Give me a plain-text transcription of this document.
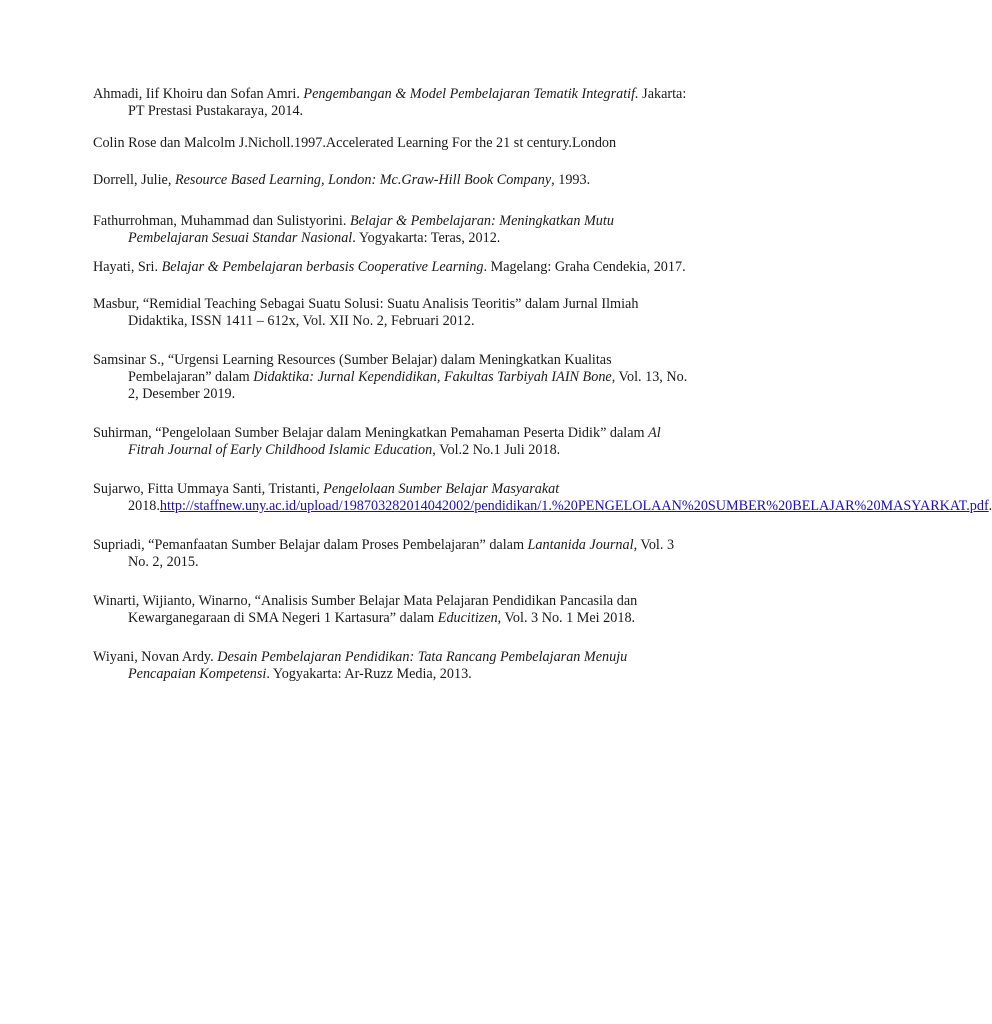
Ahmadi, Iif Khoiru dan Sofan Amri. Pengembangan & Model Pembelajaran Tematik Integratif. Jakarta: PT Prestasi Pustakaraya, 2014.

Colin Rose dan Malcolm J.Nicholl.1997.Accelerated Learning For the 21 st century.London

Dorrell, Julie, Resource Based Learning, London: Mc.Graw-Hill Book Company, 1993.

Fathurrohman, Muhammad dan Sulistyorini. Belajar & Pembelajaran: Meningkatkan Mutu Pembelajaran Sesuai Standar Nasional. Yogyakarta: Teras, 2012.

Hayati, Sri. Belajar & Pembelajaran berbasis Cooperative Learning. Magelang: Graha Cendekia, 2017.

Masbur, “Remidial Teaching Sebagai Suatu Solusi: Suatu Analisis Teoritis” dalam Jurnal Ilmiah Didaktika, ISSN 1411 – 612x, Vol. XII No. 2, Februari 2012.

Samsinar S., “Urgensi Learning Resources (Sumber Belajar) dalam Meningkatkan Kualitas Pembelajaran” dalam Didaktika: Jurnal Kependidikan, Fakultas Tarbiyah IAIN Bone, Vol. 13, No. 2, Desember 2019.

Suhirman, “Pengelolaan Sumber Belajar dalam Meningkatkan Pemahaman Peserta Didik” dalam Al Fitrah Journal of Early Childhood Islamic Education, Vol.2 No.1 Juli 2018.

Sujarwo, Fitta Ummaya Santi, Tristanti, Pengelolaan Sumber Belajar Masyarakat 2018.http://staffnew.uny.ac.id/upload/198703282014042002/pendidikan/1.%20PENGELOLAAN%20SUMBER%20BELAJAR%20MASYARKAT.pdf.

Supriadi, “Pemanfaatan Sumber Belajar dalam Proses Pembelajaran” dalam Lantanida Journal, Vol. 3 No. 2, 2015.

Winarti, Wijianto, Winarno, “Analisis Sumber Belajar Mata Pelajaran Pendidikan Pancasila dan Kewarganegaraan di SMA Negeri 1 Kartasura” dalam Educitizen, Vol. 3 No. 1 Mei 2018.

Wiyani, Novan Ardy. Desain Pembelajaran Pendidikan: Tata Rancang Pembelajaran Menuju Pencapaian Kompetensi. Yogyakarta: Ar-Ruzz Media, 2013.
